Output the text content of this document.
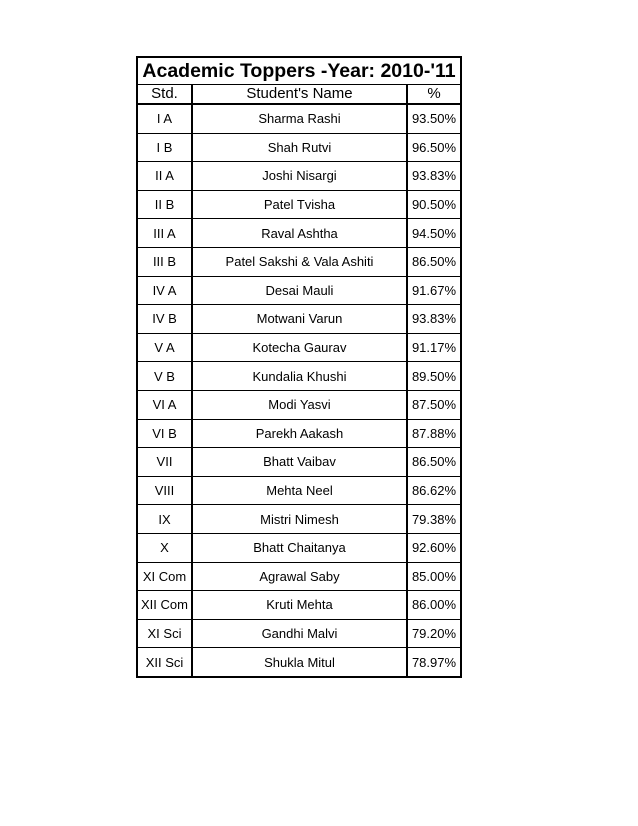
Academic Toppers -Year: 2010-'11		
Std.	Student's Name	%
I A	Sharma Rashi	93.50%
I B	Shah Rutvi	96.50%
II A	Joshi Nisargi	93.83%
II B	Patel Tvisha	90.50%
III A	Raval Ashtha	94.50%
III B	Patel Sakshi & Vala Ashiti	86.50%
IV A	Desai Mauli	91.67%
IV B	Motwani Varun	93.83%
V A	Kotecha Gaurav	91.17%
V B	Kundalia Khushi	89.50%
VI A	Modi Yasvi	87.50%
VI B	Parekh Aakash	87.88%
VII	Bhatt Vaibav	86.50%
VIII	Mehta Neel	86.62%
IX	Mistri Nimesh	79.38%
X	Bhatt Chaitanya	92.60%
XI Com	Agrawal Saby	85.00%
XII Com	Kruti Mehta	86.00%
XI Sci	Gandhi Malvi	79.20%
XII Sci	Shukla Mitul	78.97%
